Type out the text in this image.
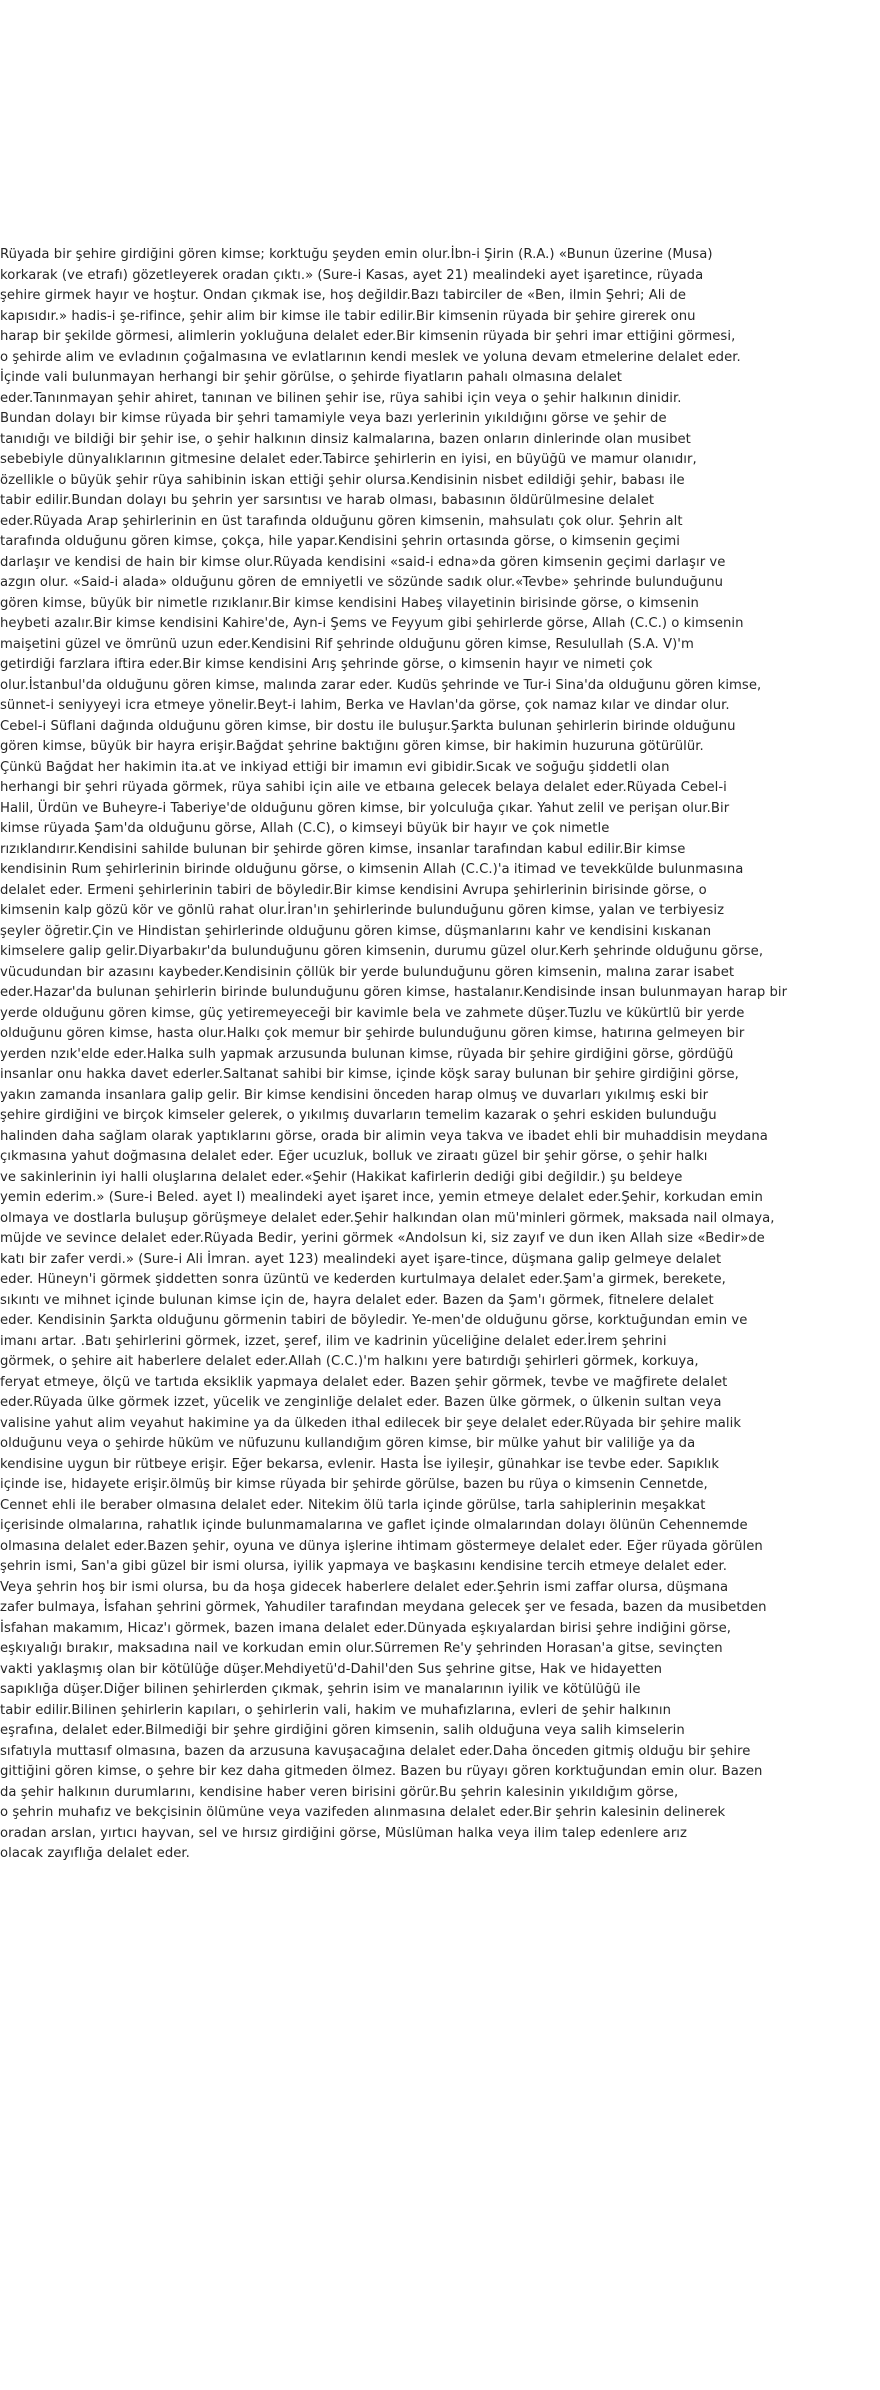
Rüyada bir şehire girdiğini gören kimse; korktuğu şeyden emin olur.İbn-i Şirin (R.A.) «Bunun üzerine (Musa)

korkarak (ve etrafı) gözetleyerek oradan çıktı.» (Sure-i Kasas, ayet 21) mealindeki ayet işaretince, rüyada

şehire girmek hayır ve hoştur. Ondan çıkmak ise, hoş değildir.Bazı tabirciler de «Ben, ilmin Şehri; Ali de

kapısıdır.» hadis-i şe-rifince, şehir alim bir kimse ile tabir edilir.Bir kimsenin rüyada bir şehire girerek onu

harap bir şekilde görmesi, alimlerin yokluğuna delalet eder.Bir kimsenin rüyada bir şehri imar ettiğini görmesi,

o şehirde alim ve evladının çoğalmasına ve evlatlarının kendi meslek ve yoluna devam etmelerine delalet eder.

İçinde vali bulunmayan herhangi bir şehir görülse, o şehirde fiyatların pahalı olmasına delalet

eder.Tanınmayan şehir ahiret, tanınan ve bilinen şehir ise, rüya sahibi için veya o şehir halkının dinidir.

Bundan dolayı bir kimse rüyada bir şehri tamamiyle veya bazı yerlerinin yıkıldığını görse ve şehir de

tanıdığı ve bildiği bir şehir ise, o şehir halkının dinsiz kalmalarına, bazen onların dinlerinde olan musibet

sebebiyle dünyalıklarının gitmesine delalet eder.Tabirce şehirlerin en iyisi, en büyüğü ve mamur olanıdır,

özellikle o büyük şehir rüya sahibinin iskan ettiği şehir olursa.Kendisinin nisbet edildiği şehir, babası ile

tabir edilir.Bundan dolayı bu şehrin yer sarsıntısı ve harab olması, babasının öldürülmesine delalet

eder.Rüyada Arap şehirlerinin en üst tarafında olduğunu gören kimsenin, mahsulatı çok olur. Şehrin alt

tarafında olduğunu gören kimse, çokça, hile yapar.Kendisini şehrin ortasında görse, o kimsenin geçimi

darlaşır ve kendisi de hain bir kimse olur.Rüyada kendisini «said-i edna»da gören kimsenin geçimi darlaşır ve

azgın olur. «Said-i alada» olduğunu gören de emniyetli ve sözünde sadık olur.«Tevbe» şehrinde bulunduğunu

gören kimse, büyük bir nimetle rızıklanır.Bir kimse kendisini Habeş vilayetinin birisinde görse, o kimsenin

heybeti azalır.Bir kimse kendisini Kahire'de, Ayn-i Şems ve Feyyum gibi şehirlerde görse, Allah (C.C.) o kimsenin

maişetini güzel ve ömrünü uzun eder.Kendisini Rif şehrinde olduğunu gören kimse, Resulullah (S.A. V)'m

getirdiği farzlara iftira eder.Bir kimse kendisini Arış şehrinde görse, o kimsenin hayır ve nimeti çok

olur.İstanbul'da olduğunu gören kimse, malında zarar eder. Kudüs şehrinde ve Tur-i Sina'da olduğunu gören kimse,

sünnet-i seniyyeyi icra etmeye yönelir.Beyt-i lahim, Berka ve Havlan'da görse, çok namaz kılar ve dindar olur.

Cebel-i Süflani dağında olduğunu gören kimse, bir dostu ile buluşur.Şarkta bulunan şehirlerin birinde olduğunu

gören kimse, büyük bir hayra erişir.Bağdat şehrine baktığını gören kimse, bir hakimin huzuruna götürülür.

Çünkü Bağdat her hakimin ita.at ve inkiyad ettiği bir imamın evi gibidir.Sıcak ve soğuğu şiddetli olan

herhangi bir şehri rüyada görmek, rüya sahibi için aile ve etbaına gelecek belaya delalet eder.Rüyada Cebel-i

Halil, Ürdün ve Buheyre-i Taberiye'de olduğunu gören kimse, bir yolculuğa çıkar. Yahut zelil ve perişan olur.Bir

kimse rüyada Şam'da olduğunu görse, Allah (C.C), o kimseyi büyük bir hayır ve çok nimetle

rızıklandırır.Kendisini sahilde bulunan bir şehirde gören kimse, insanlar tarafından kabul edilir.Bir kimse

kendisinin Rum şehirlerinin birinde olduğunu görse, o kimsenin Allah (C.C.)'a itimad ve tevekkülde bulunmasına

delalet eder. Ermeni şehirlerinin tabiri de böyledir.Bir kimse kendisini Avrupa şehirlerinin birisinde görse, o

kimsenin kalp gözü kör ve gönlü rahat olur.İran'ın şehirlerinde bulunduğunu gören kimse, yalan ve terbiyesiz

şeyler öğretir.Çin ve Hindistan şehirlerinde olduğunu gören kimse, düşmanlarını kahr ve kendisini kıskanan

kimselere galip gelir.Diyarbakır'da bulunduğunu gören kimsenin, durumu güzel olur.Kerh şehrinde olduğunu görse,

vücudundan bir azasını kaybeder.Kendisinin çöllük bir yerde bulunduğunu gören kimsenin, malına zarar isabet

eder.Hazar'da bulunan şehirlerin birinde bulunduğunu gören kimse, hastalanır.Kendisinde insan bulunmayan harap bir

yerde olduğunu gören kimse, güç yetiremeyeceği bir kavimle bela ve zahmete düşer.Tuzlu ve kükürtlü bir yerde

olduğunu gören kimse, hasta olur.Halkı çok memur bir şehirde bulunduğunu gören kimse, hatırına gelmeyen bir

yerden nzık'elde eder.Halka sulh yapmak arzusunda bulunan kimse, rüyada bir şehire girdiğini görse, gördüğü

insanlar onu hakka davet ederler.Saltanat sahibi bir kimse, içinde köşk saray bulunan bir şehire girdiğini görse,

yakın zamanda insanlara galip gelir. Bir kimse kendisini önceden harap olmuş ve duvarları yıkılmış eski bir

şehire girdiğini ve birçok kimseler gelerek, o yıkılmış duvarların temelim kazarak o şehri eskiden bulunduğu

halinden daha sağlam olarak yaptıklarını görse, orada bir alimin veya takva ve ibadet ehli bir muhaddisin meydana

çıkmasına yahut doğmasına delalet eder. Eğer ucuzluk, bolluk ve ziraatı güzel bir şehir görse, o şehir halkı

ve sakinlerinin iyi halli oluşlarına delalet eder.«Şehir (Hakikat kafirlerin dediği gibi değildir.) şu beldeye

yemin ederim.» (Sure-i Beled. ayet I) mealindeki ayet işaret ince, yemin etmeye delalet eder.Şehir, korkudan emin

olmaya ve dostlarla buluşup görüşmeye delalet eder.Şehir halkından olan mü'minleri görmek, maksada nail olmaya,

müjde ve sevince delalet eder.Rüyada Bedir, yerini görmek «Andolsun ki, siz zayıf ve dun iken Allah size «Bedir»de

katı bir zafer verdi.» (Sure-i Ali İmran. ayet 123) mealindeki ayet işare-tince, düşmana galip gelmeye delalet

eder. Hüneyn'i görmek şiddetten sonra üzüntü ve kederden kurtulmaya delalet eder.Şam'a girmek, berekete,

sıkıntı ve mihnet içinde bulunan kimse için de, hayra delalet eder. Bazen da Şam'ı görmek, fitnelere delalet

eder. Kendisinin Şarkta olduğunu görmenin tabiri de böyledir. Ye-men'de olduğunu görse, korktuğundan emin ve

imanı artar. .Batı şehirlerini görmek, izzet, şeref, ilim ve kadrinin yüceliğine delalet eder.İrem şehrini

görmek, o şehire ait haberlere delalet eder.Allah (C.C.)'m halkını yere batırdığı şehirleri görmek, korkuya,

feryat etmeye, ölçü ve tartıda eksiklik yapmaya delalet eder. Bazen şehir görmek, tevbe ve mağfirete delalet

eder.Rüyada ülke görmek izzet, yücelik ve zenginliğe delalet eder. Bazen ülke görmek, o ülkenin sultan veya

valisine yahut alim veyahut hakimine ya da ülkeden ithal edilecek bir şeye delalet eder.Rüyada bir şehire malik

olduğunu veya o şehirde hüküm ve nüfuzunu kullandığım gören kimse, bir mülke yahut bir valiliğe ya da

kendisine uygun bir rütbeye erişir. Eğer bekarsa, evlenir. Hasta İse iyileşir, günahkar ise tevbe eder. Sapıklık

içinde ise, hidayete erişir.ölmüş bir kimse rüyada bir şehirde görülse, bazen bu rüya o kimsenin Cennetde,

Cennet ehli ile beraber olmasına delalet eder. Nitekim ölü tarla içinde görülse, tarla sahiplerinin meşakkat

içerisinde olmalarına, rahatlık içinde bulunmamalarına ve gaflet içinde olmalarından dolayı ölünün Cehennemde

olmasına delalet eder.Bazen şehir, oyuna ve dünya işlerine ihtimam göstermeye delalet eder. Eğer rüyada görülen

şehrin ismi, San'a gibi güzel bir ismi olursa, iyilik yapmaya ve başkasını kendisine tercih etmeye delalet eder.

Veya şehrin hoş bir ismi olursa, bu da hoşa gidecek haberlere delalet eder.Şehrin ismi zaffar olursa, düşmana

zafer bulmaya, İsfahan şehrini görmek, Yahudiler tarafından meydana gelecek şer ve fesada, bazen da musibetden

İsfahan makamım, Hicaz'ı görmek, bazen imana delalet eder.Dünyada eşkıyalardan birisi şehre indiğini görse,

eşkıyalığı bırakır, maksadına nail ve korkudan emin olur.Sürremen Re'y şehrinden Horasan'a gitse, sevinçten

vakti yaklaşmış olan bir kötülüğe düşer.Mehdiyetü'd-Dahil'den Sus şehrine gitse, Hak ve hidayetten

sapıklığa düşer.Diğer bilinen şehirlerden çıkmak, şehrin isim ve manalarının iyilik ve kötülüğü ile

tabir edilir.Bilinen şehirlerin kapıları, o şehirlerin vali, hakim ve muhafızlarına, evleri de şehir halkının

eşrafına, delalet eder.Bilmediği bir şehre girdiğini gören kimsenin, salih olduğuna veya salih kimselerin

sıfatıyla muttasıf olmasına, bazen da arzusuna kavuşacağına delalet eder.Daha önceden gitmiş olduğu bir şehire

gittiğini gören kimse, o şehre bir kez daha gitmeden ölmez. Bazen bu rüyayı gören korktuğundan emin olur. Bazen

da şehir halkının durumlarını, kendisine haber veren birisini görür.Bu şehrin kalesinin yıkıldığım görse,

o şehrin muhafız ve bekçisinin ölümüne veya vazifeden alınmasına delalet eder.Bir şehrin kalesinin delinerek

oradan arslan, yırtıcı hayvan, sel ve hırsız girdiğini görse, Müslüman halka veya ilim talep edenlere arız

olacak zayıflığa delalet eder.
